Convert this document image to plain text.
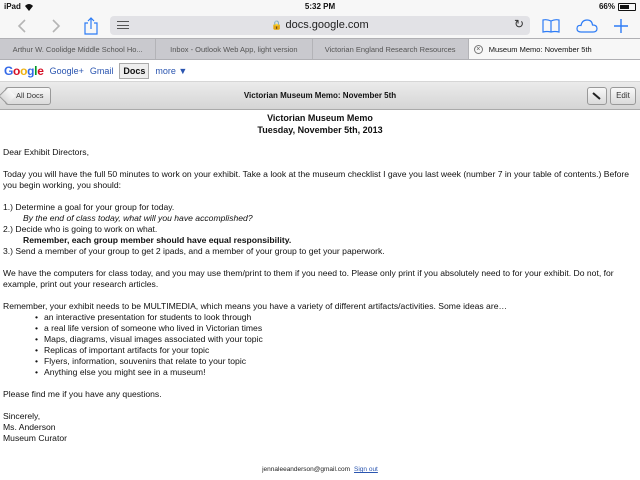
iPad	5:32 PM	66%
🔒 docs.google.com	↻
Arthur W. Coolidge Middle School Ho...	Inbox - Outlook Web App, light version	Victorian England Research Resources	×	Museum Memo: November 5th
Google Google+ Gmail	Docs	more ▼
All Docs	Victorian Museum Memo: November 5th	Edit

Victorian Museum Memo

Tuesday, November 5th, 2013

Dear Exhibit Directors,

Today you will have the full 50 minutes to work on your exhibit. Take a look at the museum checklist I gave you last week (number 7 in your table of contents.) Before you begin working, you should:

1.) Determine a goal for your group for today.

By the end of class today, what will you have accomplished?

2.) Decide who is going to work on what.

Remember, each group member should have equal responsibility.

3.) Send a member of your group to get 2 ipads, and a member of your group to get your paperwork.

We have the computers for class today, and you may use them/print to them if you need to. Please only print if you absolutely need to for your exhibit. Do not, for example, print out your research articles.

Remember, your exhibit needs to be MULTIMEDIA, which means you have a variety of different artifacts/activities. Some ideas are…

• an interactive presentation for students to look through

• a real life version of someone who lived in Victorian times

• Maps, diagrams, visual images associated with your topic

• Replicas of important artifacts for your topic

• Flyers, information, souvenirs that relate to your topic

• Anything else you might see in a museum!

Please find me if you have any questions.

Sincerely,

Ms. Anderson

Museum Curator

jennaleeanderson@gmail.com Sign out
